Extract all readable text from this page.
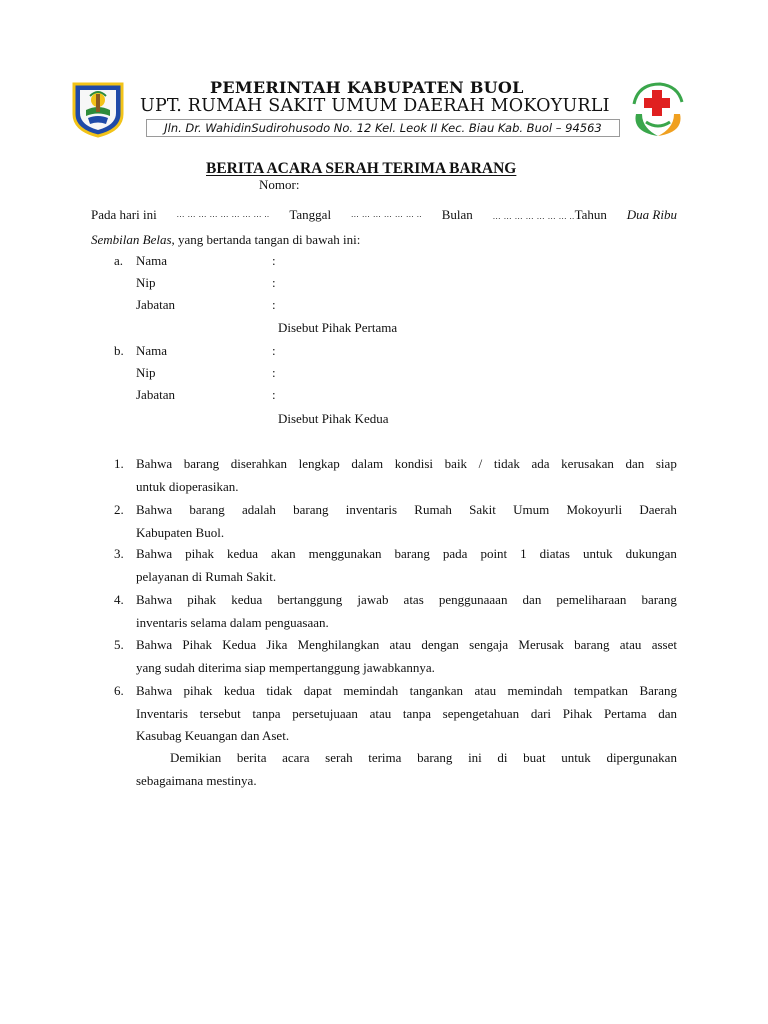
PEMERINTAH KABUPATEN BUOL
UPT. RUMAH SAKIT UMUM DAERAH MOKOYURLI
Jln. Dr. WahidinSudirohusodo No. 12 Kel. Leok II Kec. Biau Kab. Buol – 94563
BERITA ACARA SERAH TERIMA BARANG
Nomor:
Pada hari ini … … … … … … … … .. Tanggal … … … … … … .. Bulan … … … … … … … ..Tahun Dua Ribu
Sembilan Belas, yang bertanda tangan di bawah ini:
a. Nama	:
Nip	:
Jabatan	:
Disebut Pihak Pertama
b. Nama	:
Nip	:
Jabatan	:
Disebut Pihak Kedua
1. Bahwa barang diserahkan lengkap dalam kondisi baik / tidak ada kerusakan dan siap
untuk dioperasikan.
2. Bahwa barang adalah barang inventaris Rumah Sakit Umum Mokoyurli Daerah
Kabupaten Buol.
3. Bahwa pihak kedua akan menggunakan barang pada point 1 diatas untuk dukungan
pelayanan di Rumah Sakit.
4. Bahwa pihak kedua bertanggung jawab atas penggunaaan dan pemeliharaan barang
inventaris selama dalam penguasaan.
5. Bahwa Pihak Kedua Jika Menghilangkan atau dengan sengaja Merusak barang atau asset
yang sudah diterima siap mempertanggung jawabkannya.
6. Bahwa pihak kedua tidak dapat memindah tangankan atau memindah tempatkan Barang
Inventaris tersebut tanpa persetujuaan atau tanpa sepengetahuan dari Pihak Pertama dan
Kasubag Keuangan dan Aset.
Demikian berita acara serah terima barang ini di buat untuk dipergunakan
sebagaimana mestinya.
